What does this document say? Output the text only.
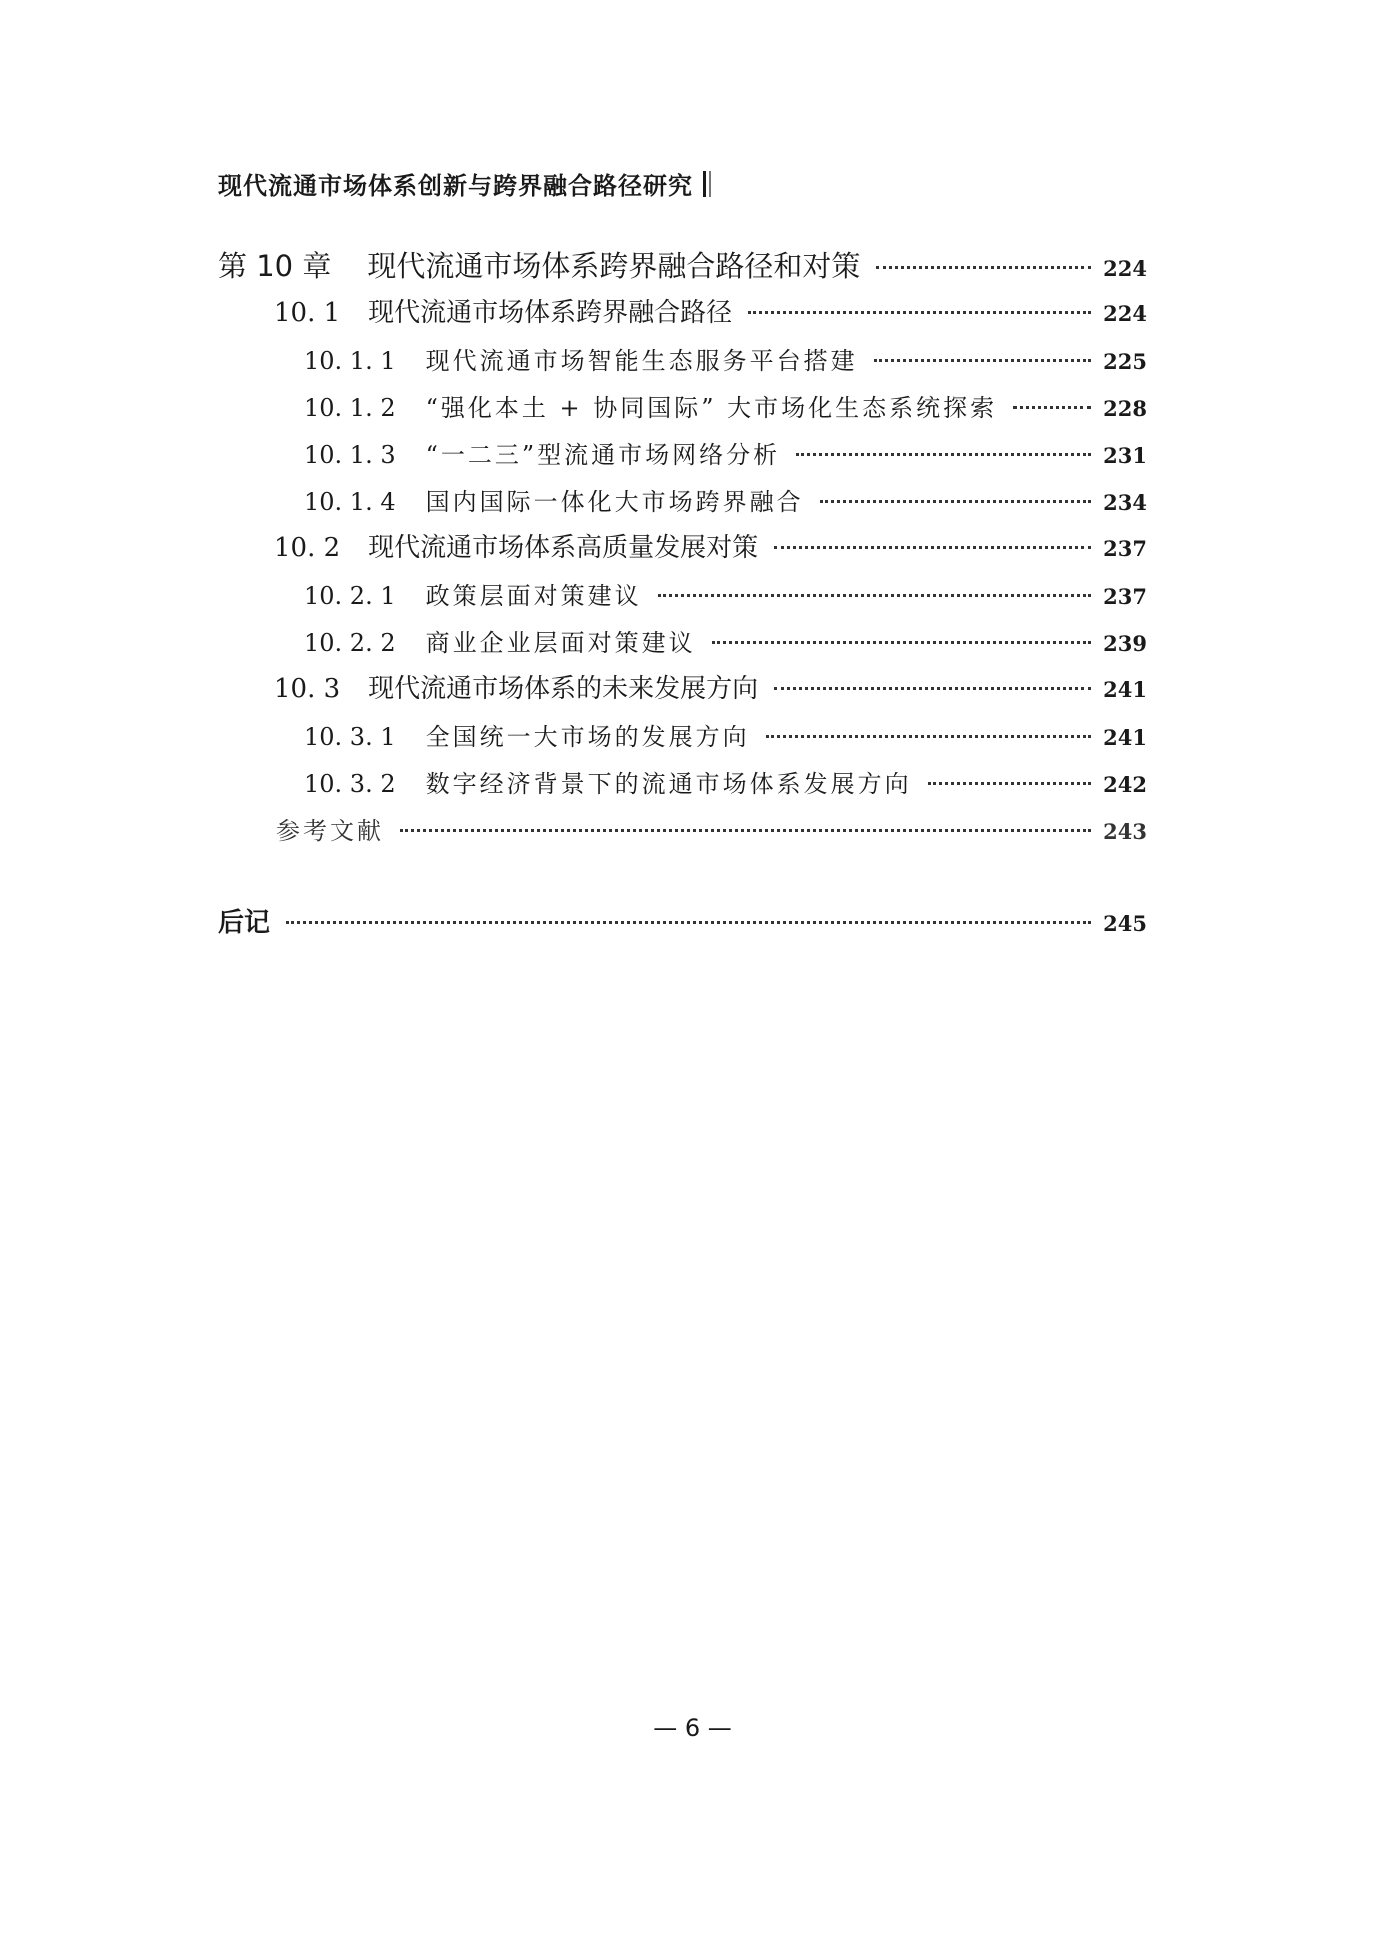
现代流通市场体系创新与跨界融合路径研究
第 10 章 现代流通市场体系跨界融合路径和对策	224
10. 1 现代流通市场体系跨界融合路径	224
10. 1. 1 现代流通市场智能生态服务平台搭建	225
10. 1. 2 “强化本土 + 协同国际” 大市场化生态系统探索	228
10. 1. 3 “一二三”型流通市场网络分析	231
10. 1. 4 国内国际一体化大市场跨界融合	234
10. 2 现代流通市场体系高质量发展对策	237
10. 2. 1 政策层面对策建议	237
10. 2. 2 商业企业层面对策建议	239
10. 3 现代流通市场体系的未来发展方向	241
10. 3. 1 全国统一大市场的发展方向	241
10. 3. 2 数字经济背景下的流通市场体系发展方向	242
参考文献	243
后记	245
— 6 —
